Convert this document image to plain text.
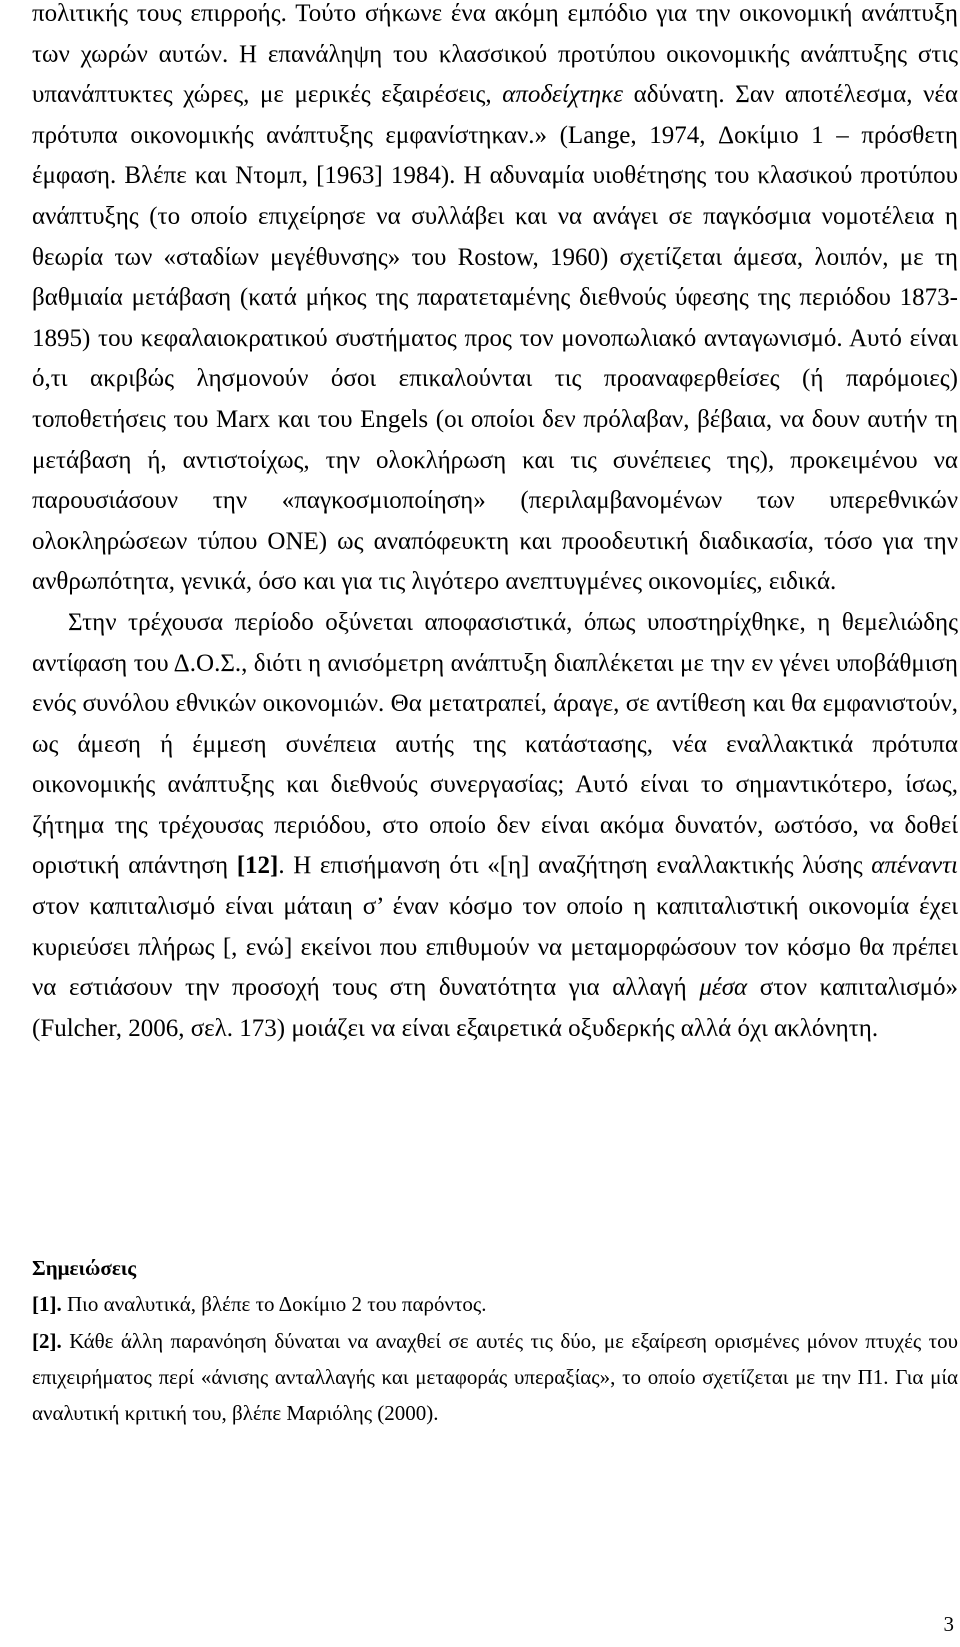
πολιτικής τους επιρροής. Τούτο σήκωνε ένα ακόμη εμπόδιο για την οικονομική ανάπτυξη των χωρών αυτών. Η επανάληψη του κλασσικού προτύπου οικονομικής ανάπτυξης στις υπανάπτυκτες χώρες, με μερικές εξαιρέσεις, αποδείχτηκε αδύνατη. Σαν αποτέλεσμα, νέα πρότυπα οικονομικής ανάπτυξης εμφανίστηκαν.» (Lange, 1974, Δοκίμιο 1 – πρόσθετη έμφαση. Βλέπε και Ντομπ, [1963] 1984). Η αδυναμία υιοθέτησης του κλασικού προτύπου ανάπτυξης (το οποίο επιχείρησε να συλλάβει και να ανάγει σε παγκόσμια νομοτέλεια η θεωρία των «σταδίων μεγέθυνσης» του Rostow, 1960) σχετίζεται άμεσα, λοιπόν, με τη βαθμιαία μετάβαση (κατά μήκος της παρατεταμένης διεθνούς ύφεσης της περιόδου 1873-1895) του κεφαλαιοκρατικού συστήματος προς τον μονοπωλιακό ανταγωνισμό. Αυτό είναι ό,τι ακριβώς λησμονούν όσοι επικαλούνται τις προαναφερθείσες (ή παρόμοιες) τοποθετήσεις του Marx και του Engels (οι οποίοι δεν πρόλαβαν, βέβαια, να δουν αυτήν τη μετάβαση ή, αντιστοίχως, την ολοκλήρωση και τις συνέπειες της), προκειμένου να παρουσιάσουν την «παγκοσμιοποίηση» (περιλαμβανομένων των υπερεθνικών ολοκληρώσεων τύπου ΟΝΕ) ως αναπόφευκτη και προοδευτική διαδικασία, τόσο για την ανθρωπότητα, γενικά, όσο και για τις λιγότερο ανεπτυγμένες οικονομίες, ειδικά.

Στην τρέχουσα περίοδο οξύνεται αποφασιστικά, όπως υποστηρίχθηκε, η θεμελιώδης αντίφαση του Δ.Ο.Σ., διότι η ανισόμετρη ανάπτυξη διαπλέκεται με την εν γένει υποβάθμιση ενός συνόλου εθνικών οικονομιών. Θα μετατραπεί, άραγε, σε αντίθεση και θα εμφανιστούν, ως άμεση ή έμμεση συνέπεια αυτής της κατάστασης, νέα εναλλακτικά πρότυπα οικονομικής ανάπτυξης και διεθνούς συνεργασίας; Αυτό είναι το σημαντικότερο, ίσως, ζήτημα της τρέχουσας περιόδου, στο οποίο δεν είναι ακόμα δυνατόν, ωστόσο, να δοθεί οριστική απάντηση [12]. Η επισήμανση ότι «[η] αναζήτηση εναλλακτικής λύσης απέναντι στον καπιταλισμό είναι μάταιη σ’ έναν κόσμο τον οποίο η καπιταλιστική οικονομία έχει κυριεύσει πλήρως [, ενώ] εκείνοι που επιθυμούν να μεταμορφώσουν τον κόσμο θα πρέπει να εστιάσουν την προσοχή τους στη δυνατότητα για αλλαγή μέσα στον καπιταλισμό» (Fulcher, 2006, σελ. 173) μοιάζει να είναι εξαιρετικά οξυδερκής αλλά όχι ακλόνητη.

Σημειώσεις

[1]. Πιο αναλυτικά, βλέπε το Δοκίμιο 2 του παρόντος.

[2]. Κάθε άλλη παρανόηση δύναται να αναχθεί σε αυτές τις δύο, με εξαίρεση ορισμένες μόνον πτυχές του επιχειρήματος περί «άνισης ανταλλαγής και μεταφοράς υπεραξίας», το οποίο σχετίζεται με την Π1. Για μία αναλυτική κριτική του, βλέπε Μαριόλης (2000).

3
